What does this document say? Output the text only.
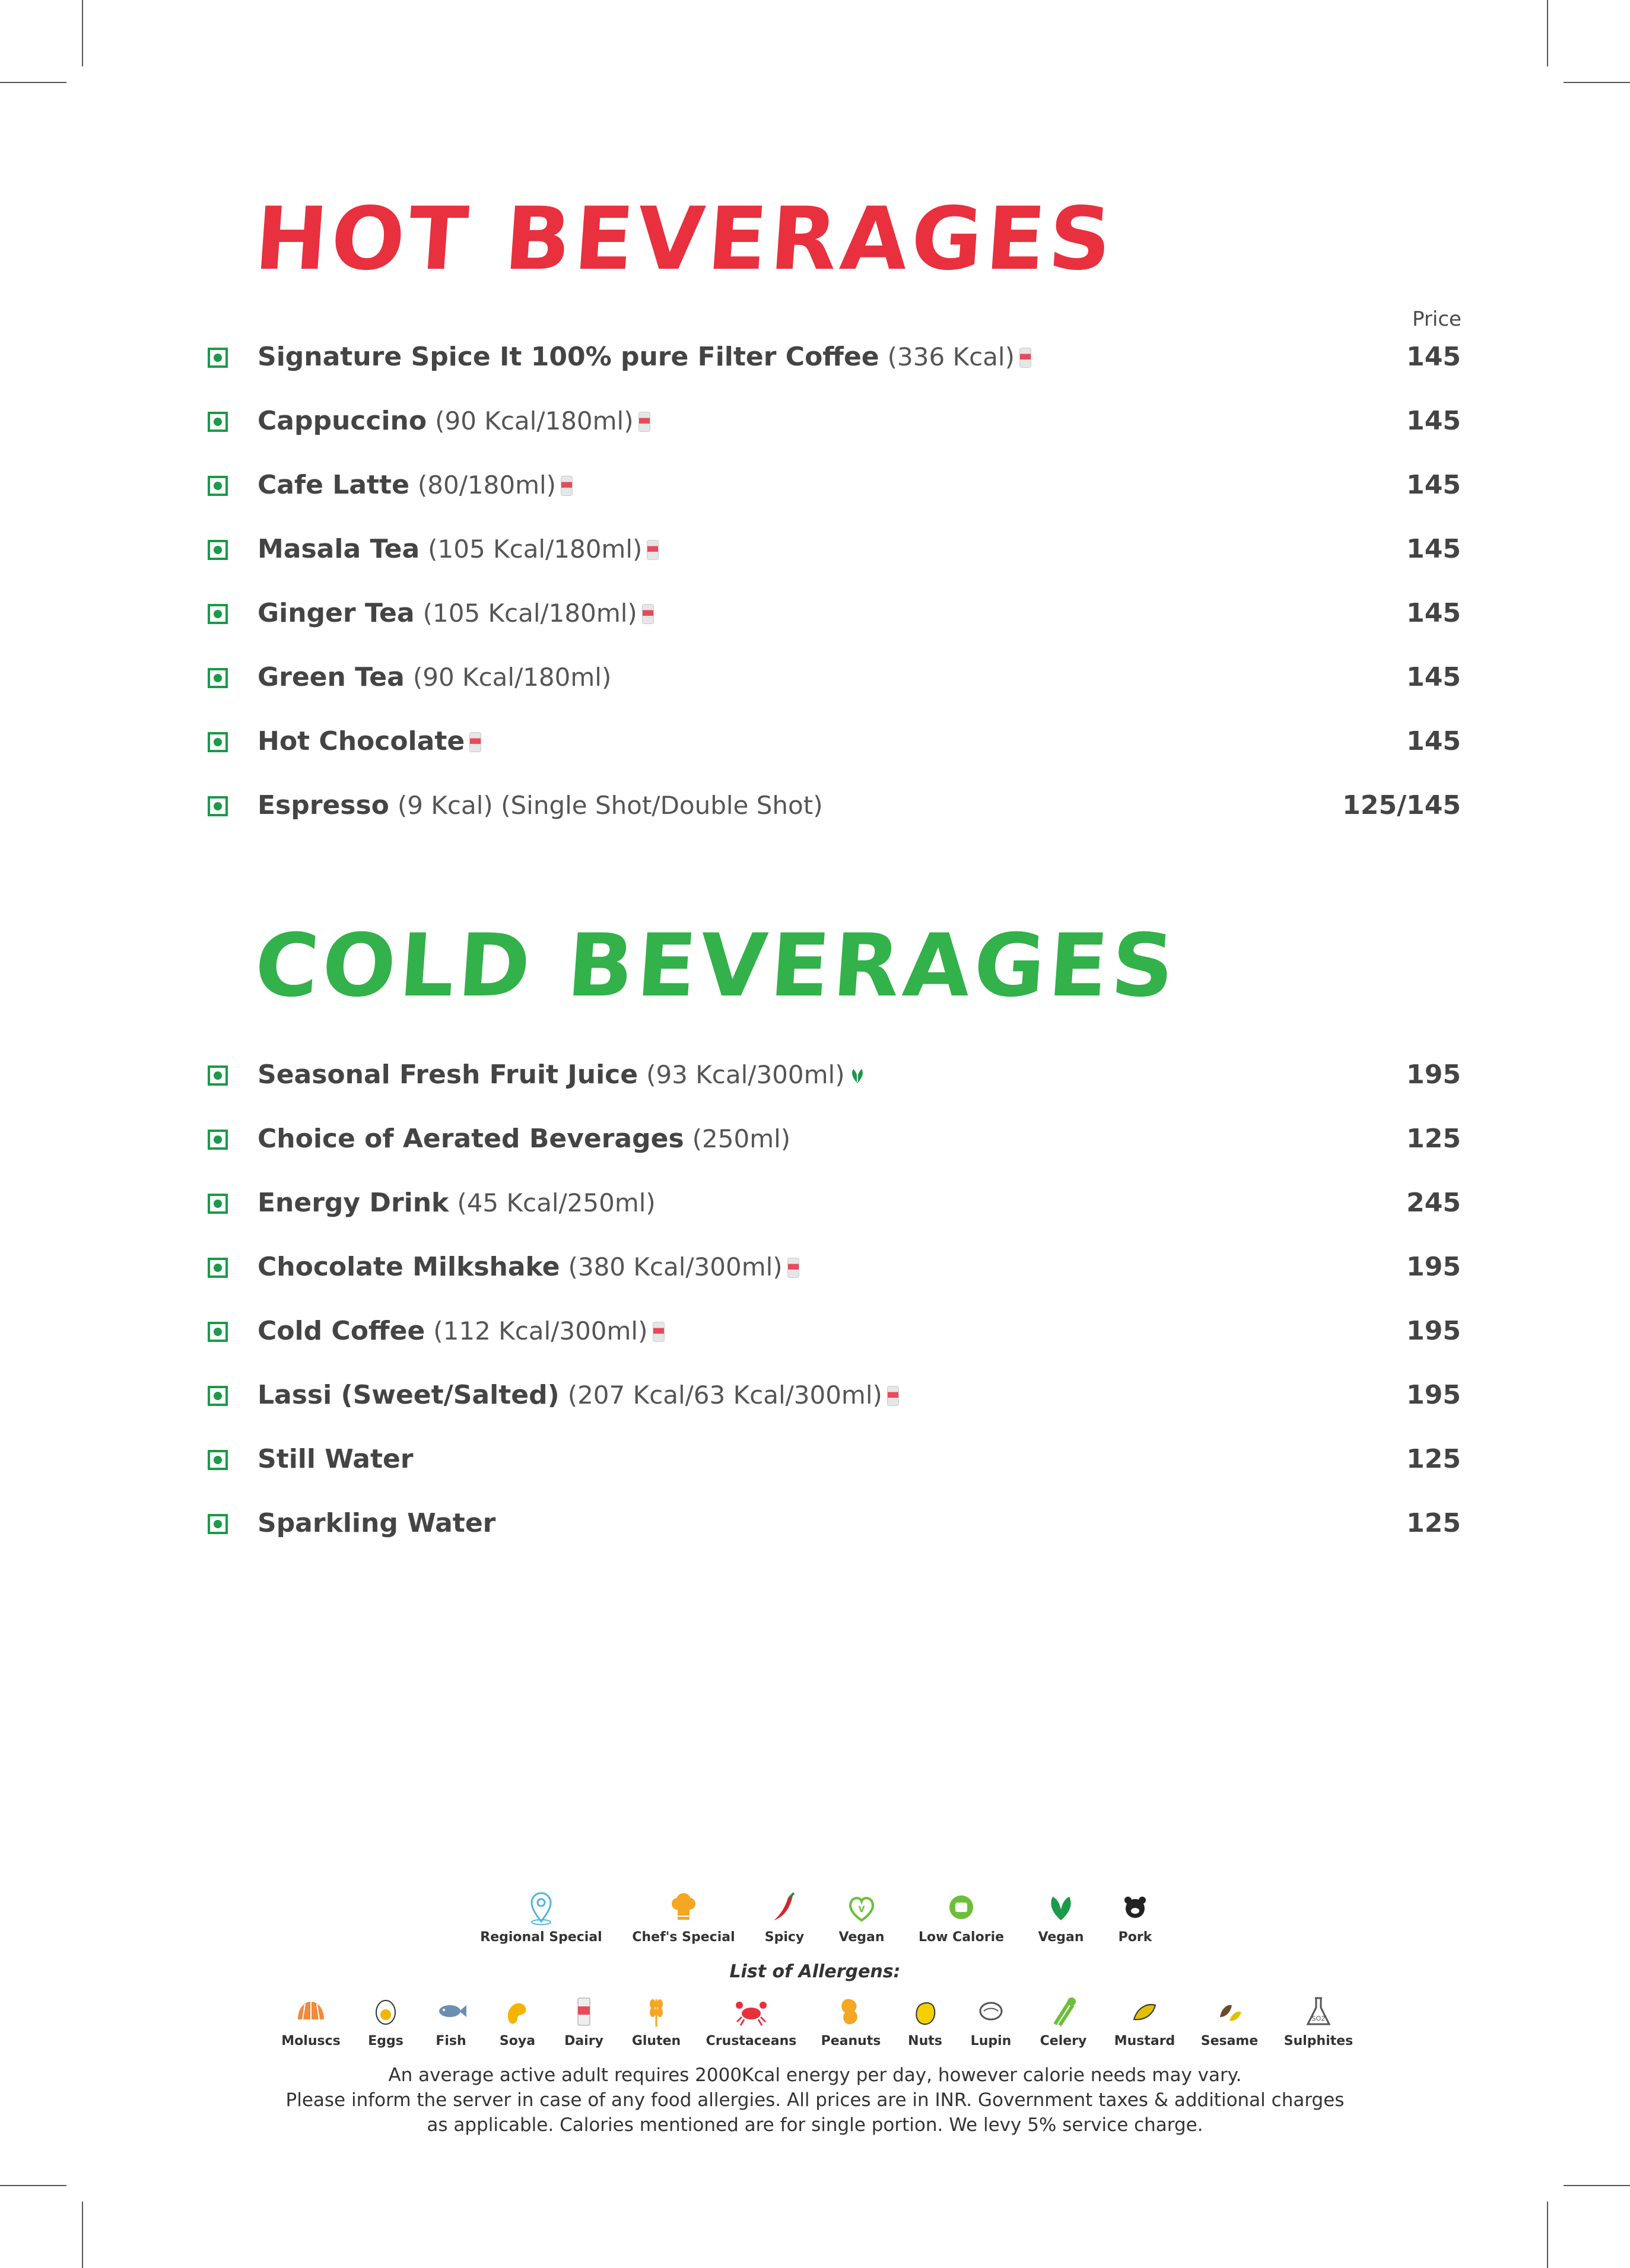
HOT BEVERAGES
Price
Signature Spice It 100% pure Filter Coffee (336 Kcal)	145
Cappuccino (90 Kcal/180ml)	145
Cafe Latte (80/180ml)	145
Masala Tea (105 Kcal/180ml)	145
Ginger Tea (105 Kcal/180ml)	145
Green Tea (90 Kcal/180ml)	145
Hot Chocolate	145
Espresso (9 Kcal) (Single Shot/Double Shot)	125/145
COLD BEVERAGES
Seasonal Fresh Fruit Juice (93 Kcal/300ml)	195
Choice of Aerated Beverages (250ml)	125
Energy Drink (45 Kcal/250ml)	245
Chocolate Milkshake (380 Kcal/300ml)	195
Cold Coffee (112 Kcal/300ml)	195
Lassi (Sweet/Salted) (207 Kcal/63 Kcal/300ml)	195
Still Water	125
Sparkling Water	125
Regional Special Chef's Special Spicy
V
Vegan	Low Calorie	Vegan	Pork
List of Allergens:
Moluscs Eggs Fish	Soya Dairy Gluten Crustaceans Peanuts Nuts Lupin Celery Mustard Sesame
SO2
Sulphites
An average active adult requires 2000Kcal energy per day, however calorie needs may vary.
Please inform the server in case of any food allergies. All prices are in INR. Government taxes & additional charges
as applicable. Calories mentioned are for single portion. We levy 5% service charge.
